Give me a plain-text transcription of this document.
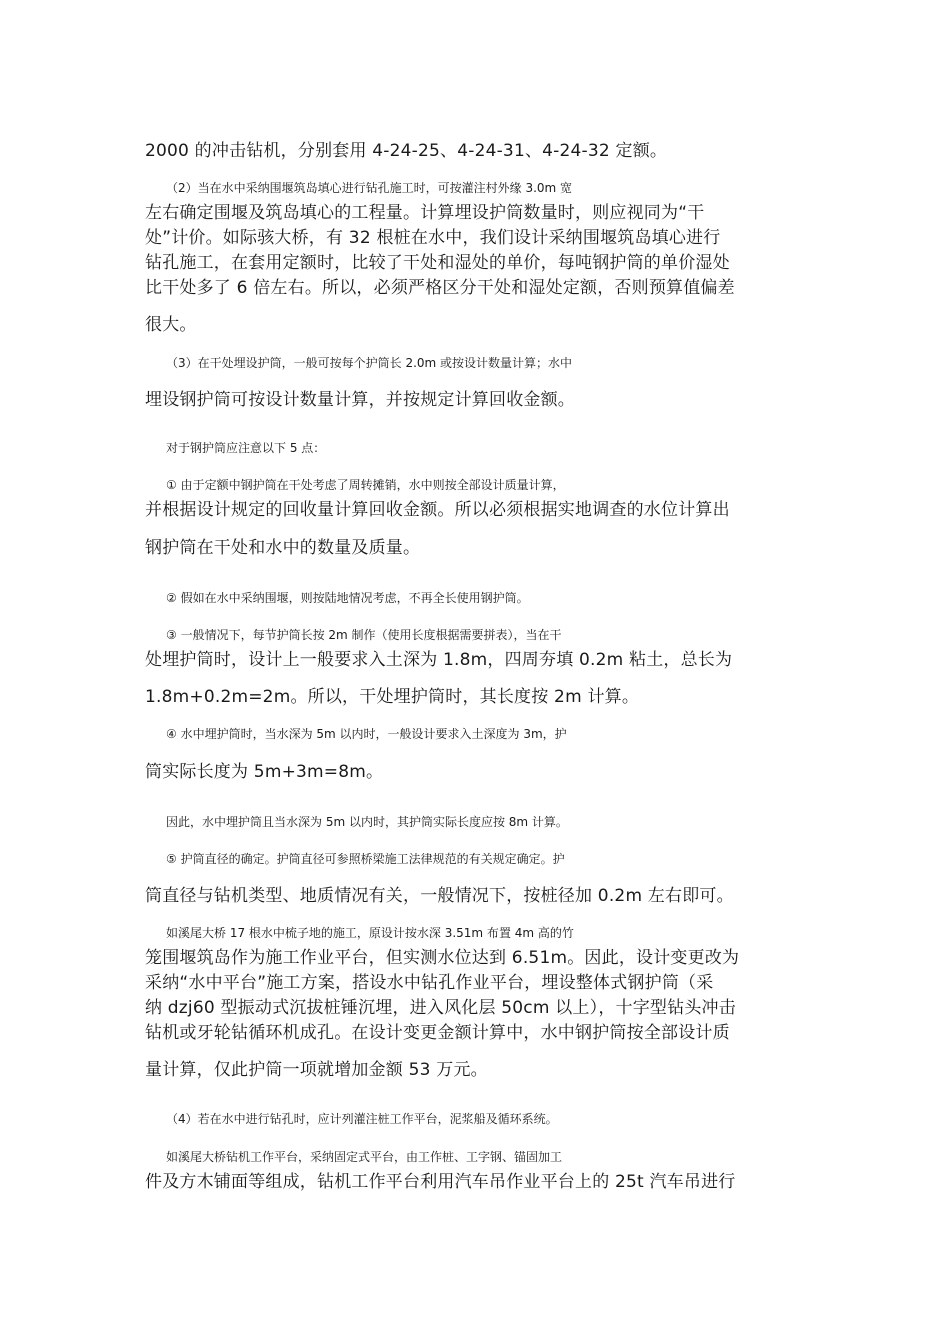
2000 的冲击钻机，分别套用 4-24-25、4-24-31、4-24-32 定额。
（2）当在水中采纳围堰筑岛填心进行钻孔施工时，可按灌注村外缘 3.0m 宽
左右确定围堰及筑岛填心的工程量。计算埋设护筒数量时，则应视同为“干
处”计价。如际骇大桥，有 32 根桩在水中，我们设计采纳围堰筑岛填心进行
钻孔施工，在套用定额时，比较了干处和湿处的单价，每吨钢护筒的单价湿处
比干处多了 6 倍左右。所以，必须严格区分干处和湿处定额，否则预算值偏差
很大。
（3）在干处埋设护筒，一般可按每个护筒长 2.0m 或按设计数量计算；水中
埋设钢护筒可按设计数量计算，并按规定计算回收金额。
对于钢护筒应注意以下 5 点：
① 由于定额中钢护筒在干处考虑了周转摊销，水中则按全部设计质量计算，
并根据设计规定的回收量计算回收金额。所以必须根据实地调查的水位计算出
钢护筒在干处和水中的数量及质量。
② 假如在水中采纳围堰，则按陆地情况考虑，不再全长使用钢护筒。
③ 一般情况下，每节护筒长按 2m 制作（使用长度根据需要拼表），当在干
处埋护筒时，设计上一般要求入土深为 1.8m，四周夯填 0.2m 粘土，总长为
1.8m+0.2m=2m。所以，干处埋护筒时，其长度按 2m 计算。
④ 水中埋护筒时，当水深为 5m 以内时，一般设计要求入土深度为 3m，护
筒实际长度为 5m+3m=8m。
因此，水中埋护筒且当水深为 5m 以内时，其护筒实际长度应按 8m 计算。
⑤ 护筒直径的确定。护筒直径可参照桥梁施工法律规范的有关规定确定。护
筒直径与钻机类型、地质情况有关，一般情况下，按桩径加 0.2m 左右即可。
如溪尾大桥 17 根水中梳子地的施工，原设计按水深 3.51m 布置 4m 高的竹
笼围堰筑岛作为施工作业平台，但实测水位达到 6.51m。因此，设计变更改为
采纳“水中平台”施工方案，搭设水中钻孔作业平台，埋设整体式钢护筒（采
纳 dzj60 型振动式沉拔桩锤沉埋，进入风化层 50cm 以上），十字型钻头冲击
钻机或牙轮钻循环机成孔。在设计变更金额计算中，水中钢护筒按全部设计质
量计算，仅此护筒一项就增加金额 53 万元。
（4）若在水中进行钻孔时，应计列灌注桩工作平台，泥浆船及循环系统。
如溪尾大桥钻机工作平台，采纳固定式平台，由工作桩、工字钢、锚固加工
件及方木铺面等组成，钻机工作平台利用汽车吊作业平台上的 25t 汽车吊进行
